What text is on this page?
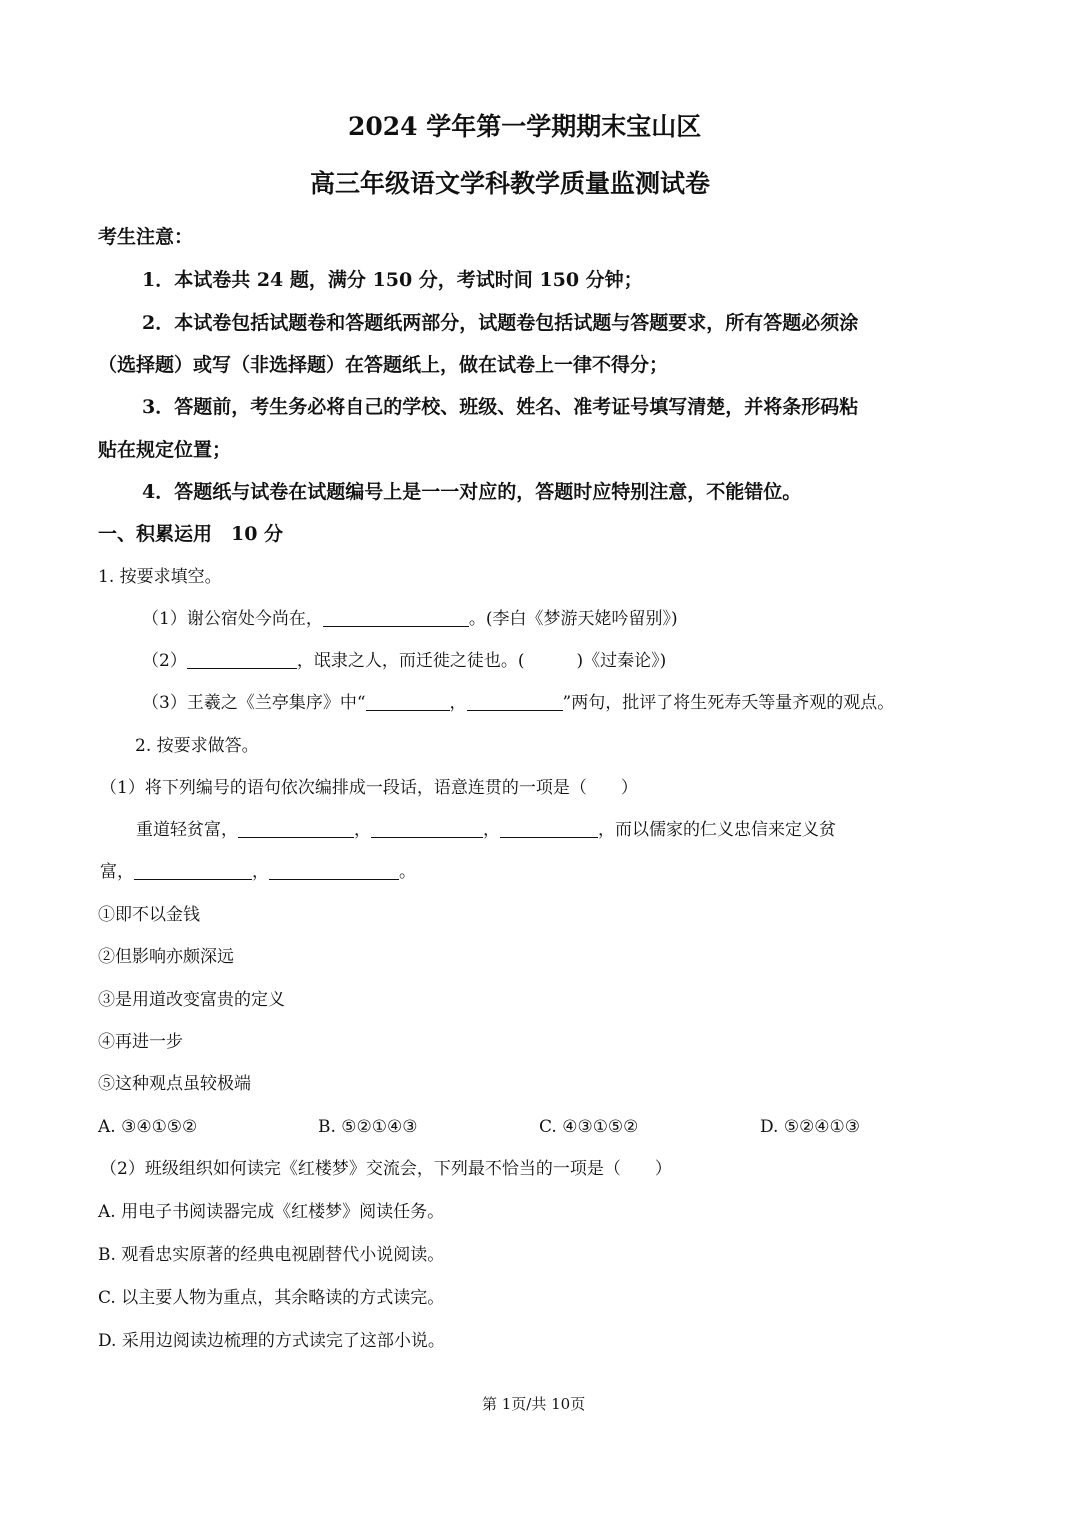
2024 学年第一学期期末宝山区
高三年级语文学科教学质量监测试卷
考生注意：
1．本试卷共 24 题，满分 150 分，考试时间 150 分钟；
2．本试卷包括试题卷和答题纸两部分，试题卷包括试题与答题要求，所有答题必须涂
（选择题）或写（非选择题）在答题纸上，做在试卷上一律不得分；
3．答题前，考生务必将自己的学校、班级、姓名、准考证号填写清楚，并将条形码粘
贴在规定位置；
4．答题纸与试卷在试题编号上是一一对应的，答题时应特别注意，不能错位。
一、积累运用　10 分
1. 按要求填空。
（1）谢公宿处今尚在，	。(李白《梦游天姥吟留别》)
（2）	，氓隶之人，而迁徙之徒也。(	)《过秦论》)
（3）王羲之《兰亭集序》中“	，	”两句，批评了将生死寿夭等量齐观的观点。
2. 按要求做答。
（1）将下列编号的语句依次编排成一段话，语意连贯的一项是（　　）
重道轻贫富，	，	，	，而以儒家的仁义忠信来定义贫
富，	，	。
①即不以金钱
②但影响亦颇深远
③是用道改变富贵的定义
④再进一步
⑤这种观点虽较极端
A. ③④①⑤②	B. ⑤②①④③	C. ④③①⑤②	D. ⑤②④①③
（2）班级组织如何读完《红楼梦》交流会，下列最不恰当的一项是（　　）
A. 用电子书阅读器完成《红楼梦》阅读任务。
B. 观看忠实原著的经典电视剧替代小说阅读。
C. 以主要人物为重点，其余略读的方式读完。
D. 采用边阅读边梳理的方式读完了这部小说。
第 1页/共 10页
